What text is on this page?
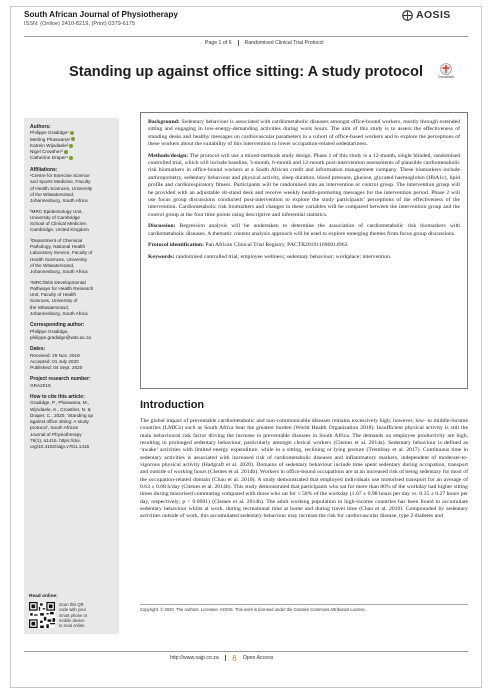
South African Journal of Physiotherapy
ISSN: (Online) 2410-8219, (Print) 0379-6175
AOSIS
Page 1 of 6	Randomised Clinical Trial Protocol
Standing up against office sitting: A study protocol	CrossMark
Authors:
Philippe Gradidge¹
Merling Phaswana¹
Katrein Wijndaele²
Nigel Crowther³
Catherine Draper⁴
Affiliations:
¹Centre for Exercise Science
and Sports Medicine, Faculty
of Health Sciences, University
of the Witwatersrand,
Johannesburg, South Africa
²MRC Epidemiology Unit,
University of Cambridge
School of Clinical Medicine,
Cambridge, United Kingdom
³Department of Chemical
Pathology, National Health
Laboratory Service, Faculty of
Health Sciences, University
of the Witwatersrand,
Johannesburg, South Africa
⁴MRC/Wits Developmental
Pathways for Health Research
Unit, Faculty of Health
Sciences, University of
the Witwatersrand,
Johannesburg, South Africa
Corresponding author:
Philippe Gradidge,
philippe.gradidge@wits.ac.za
Dates:
Received: 29 Nov. 2019
Accepted: 01 July 2020
Published: 04 Sept. 2020
Project research number:
GRA2019
How to cite this article:
Gradidge, P., Phaswana, M.,
Wijndaele, K., Crowther, N. &
Draper, C., 2020, ‘Standing up
against office sitting: A study
protocol’, South African
Journal of Physiotherapy
76(1), a1415. https://doi.
org/10.4102/sajp.v76i1.1415
Read online:
Scan this QR
code with your
smart phone or
mobile device
to read online.

Background: Sedentary behaviour is associated with cardiometabolic diseases amongst office-bound workers, mostly through extended sitting and engaging in low-energy-demanding activities during work hours. The aim of this study is to assess the effectiveness of standing desks and healthy messages on cardiovascular parameters in a cohort of office-based workers and to explore the perceptions of these workers about the suitability of this intervention to lower occupation-related sedentariness.

Methods/design: The protocol will use a mixed-methods study design. Phase 1 of this study is a 12-month, single blinded, randomised controlled trial, which will include baseline, 3-month, 6-month and 12-month post-intervention assessments of plausible cardiometabolic risk biomarkers in office-bound workers at a South African credit and information management company. These biomarkers include anthropometry, sedentary behaviour and physical activity, sleep duration, blood pressure, glucose, glycated haemoglobin (HbA1c), lipid profile and cardiorespiratory fitness. Participants will be randomised into an intervention or control group. The intervention group will be provided with an adjustable sit-stand desk and receive weekly health-promoting messages for the intervention period. Phase 2 will use focus group discussions conducted post-intervention to explore the study participants’ perceptions of the effectiveness of the intervention. Cardiometabolic risk biomarkers and changes in these variables will be compared between the intervention group and the control group at the four time points using descriptive and inferential statistics.

Discussion: Regression analysis will be undertaken to determine the association of cardiometabolic risk biomarkers with cardiometabolic diseases. A thematic content analysis approach will be used to explore emerging themes from focus group discussions.

Protocol identification: Pan African Clinical Trial Registry, PACTR201911696014962.

Keywords: randomised controlled trial; employee wellness; sedentary behaviour; workplace; intervention.

Introduction
The global impact of preventable cardiometabolic and non-communicable diseases remains excessively high; however, low- to middle-income countries (LMICs) such as South Africa bear the greatest burden (World Health Organization 2018). Insufficient physical activity is still the main behavioural risk factor driving the increase in preventable diseases in South Africa. The demands on employee productivity are high, resulting in prolonged sedentary behaviour, particularly amongst clerical workers (Clemes et al. 2014a). Sedentary behaviour is defined as ‘awake’ activities with limited energy expenditure, while in a sitting, reclining or lying posture (Tremblay et al. 2017). Continuous time in sedentary activities is associated with increased risk of cardiometabolic diseases and inflammatory markers, independent of moderate-to-vigorous physical activity (Hadgraft et al. 2020). Domains of sedentary behaviour include time spent sedentary during occupation, transport and outside of working hours (Clemes et al. 2014b). Workers in office-bound occupations are at an increased risk of being sedentary for most of the occupation-related domain (Chau et al. 2010). A study demonstrated that employed individuals use motorised transport for an average of 0.63 ± 0.68 h/day (Clemes et al. 2014b). This study demonstrated that participants who sat for more than 80% of the workday had higher sitting times during motorised commuting compared with those who sat for ≤ 58% of the workday (1.07 ± 0.98 hours per day vs. 0.35 ± 0.27 hours per day, respectively; p < 0.0001) (Clemes et al. 2014b). The adult working population in high-income countries has been found to accumulate sedentary behaviour whilst at work, during recreational time at home and during travel time (Chau et al. 2010). Compounded by sedentary activities outside of work, this accumulated sedentary behaviour may increase the risk for cardiovascular disease, type 2 diabetes and
Copyright: © 2020. The Authors. Licensee: AOSIS. This work is licensed under the Creative Commons Attribution License.
http://www.sajp.co.za	Open Access
